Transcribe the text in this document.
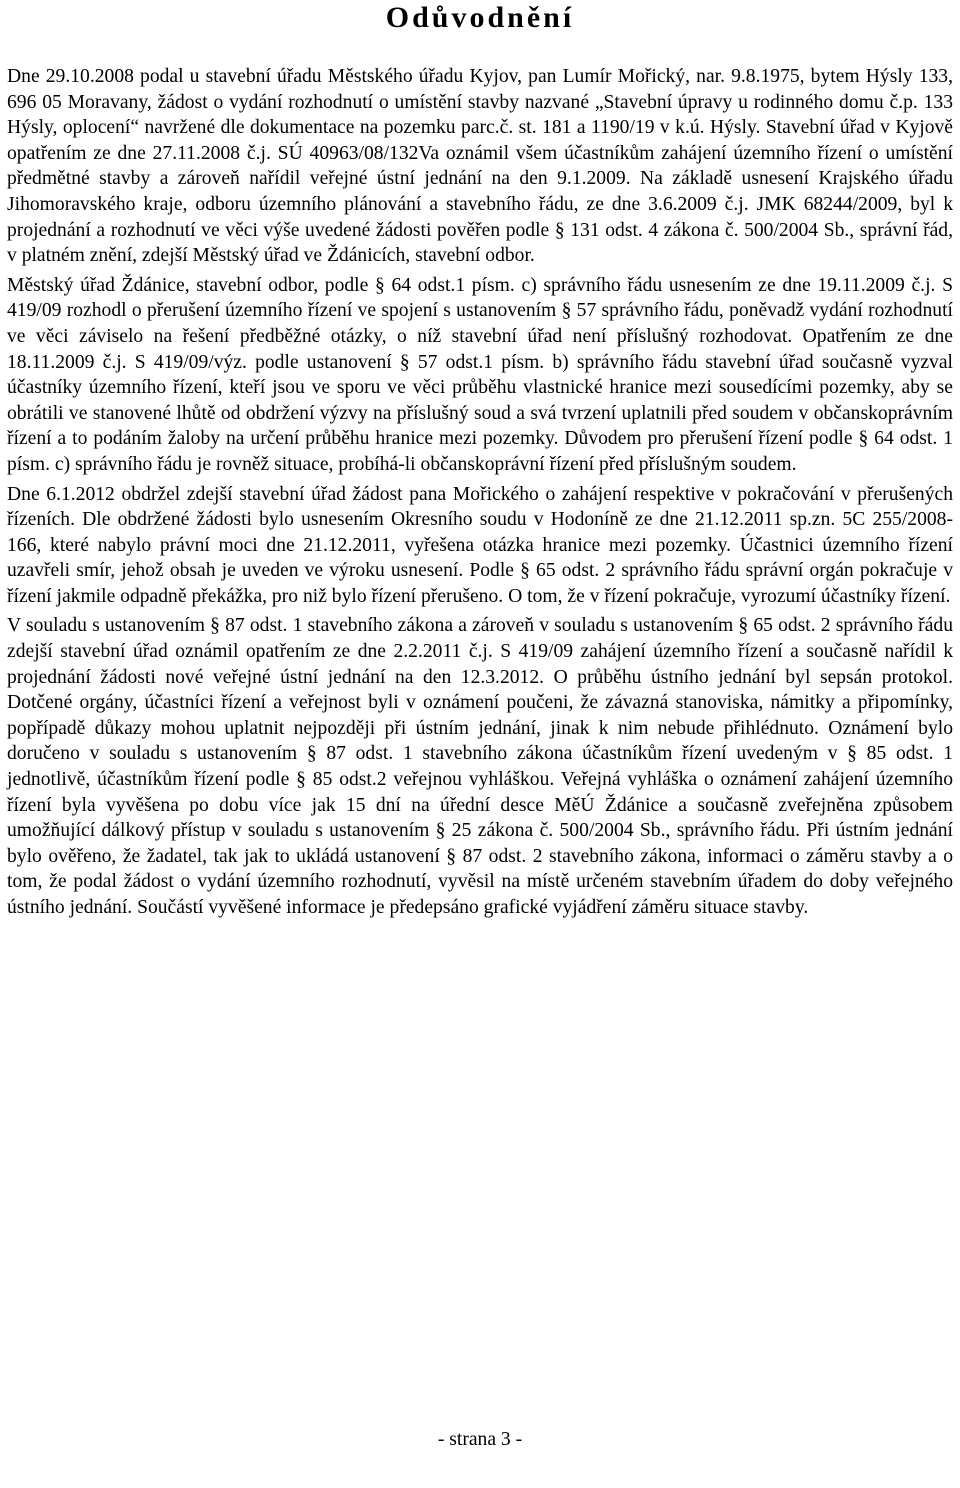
Odůvodnění

Dne 29.10.2008 podal u stavební úřadu Městského úřadu Kyjov, pan Lumír Mořický, nar. 9.8.1975, bytem Hýsly 133, 696 05 Moravany, žádost o vydání rozhodnutí o umístění stavby nazvané „Stavební úpravy u rodinného domu č.p. 133 Hýsly, oplocení“ navržené dle dokumentace na pozemku parc.č. st. 181 a 1190/19 v k.ú. Hýsly. Stavební úřad v Kyjově opatřením ze dne 27.11.2008 č.j. SÚ 40963/08/132Va oznámil všem účastníkům zahájení územního řízení o umístění předmětné stavby a zároveň nařídil veřejné ústní jednání na den 9.1.2009. Na základě usnesení Krajského úřadu Jihomoravského kraje, odboru územního plánování a stavebního řádu, ze dne 3.6.2009 č.j. JMK 68244/2009, byl k projednání a rozhodnutí ve věci výše uvedené žádosti pověřen podle § 131 odst. 4 zákona č. 500/2004 Sb., správní řád, v platném znění, zdejší Městský úřad ve Ždánicích, stavební odbor.

Městský úřad Ždánice, stavební odbor, podle § 64 odst.1 písm. c) správního řádu usnesením ze dne 19.11.2009 č.j. S 419/09 rozhodl o přerušení územního řízení ve spojení s ustanovením § 57 správního řádu, poněvadž vydání rozhodnutí ve věci záviselo na řešení předběžné otázky, o níž stavební úřad není příslušný rozhodovat. Opatřením ze dne 18.11.2009 č.j. S 419/09/výz. podle ustanovení § 57 odst.1 písm. b) správního řádu stavební úřad současně vyzval účastníky územního řízení, kteří jsou ve sporu ve věci průběhu vlastnické hranice mezi sousedícími pozemky, aby se obrátili ve stanovené lhůtě od obdržení výzvy na příslušný soud a svá tvrzení uplatnili před soudem v občanskoprávním řízení a to podáním žaloby na určení průběhu hranice mezi pozemky. Důvodem pro přerušení řízení podle § 64 odst. 1 písm. c) správního řádu je rovněž situace, probíhá-li občanskoprávní řízení před příslušným soudem.

Dne 6.1.2012 obdržel zdejší stavební úřad žádost pana Mořického o zahájení respektive v pokračování v přerušených řízeních. Dle obdržené žádosti bylo usnesením Okresního soudu v Hodoníně ze dne 21.12.2011 sp.zn. 5C 255/2008-166, které nabylo právní moci dne 21.12.2011, vyřešena otázka hranice mezi pozemky. Účastnici územního řízení uzavřeli smír, jehož obsah je uveden ve výroku usnesení. Podle § 65 odst. 2 správního řádu správní orgán pokračuje v řízení jakmile odpadně překážka, pro niž bylo řízení přerušeno. O tom, že v řízení pokračuje, vyrozumí účastníky řízení.

V souladu s ustanovením § 87 odst. 1 stavebního zákona a zároveň v souladu s ustanovením § 65 odst. 2 správního řádu zdejší stavební úřad oznámil opatřením ze dne 2.2.2011 č.j. S 419/09 zahájení územního řízení a současně nařídil k projednání žádosti nové veřejné ústní jednání na den 12.3.2012. O průběhu ústního jednání byl sepsán protokol. Dotčené orgány, účastníci řízení a veřejnost byli v oznámení poučeni, že závazná stanoviska, námitky a připomínky, popřípadě důkazy mohou uplatnit nejpozději při ústním jednání, jinak k nim nebude přihlédnuto. Oznámení bylo doručeno v souladu s ustanovením § 87 odst. 1 stavebního zákona účastníkům řízení uvedeným v § 85 odst. 1 jednotlivě, účastníkům řízení podle § 85 odst.2 veřejnou vyhláškou. Veřejná vyhláška o oznámení zahájení územního řízení byla vyvěšena po dobu více jak 15 dní na úřední desce MěÚ Ždánice a současně zveřejněna způsobem umožňující dálkový přístup v souladu s ustanovením § 25 zákona č. 500/2004 Sb., správního řádu. Při ústním jednání bylo ověřeno, že žadatel, tak jak to ukládá ustanovení § 87 odst. 2 stavebního zákona, informaci o záměru stavby a o tom, že podal žádost o vydání územního rozhodnutí, vyvěsil na místě určeném stavebním úřadem do doby veřejného ústního jednání. Součástí vyvěšené informace je předepsáno grafické vyjádření záměru situace stavby.

- strana 3 -
